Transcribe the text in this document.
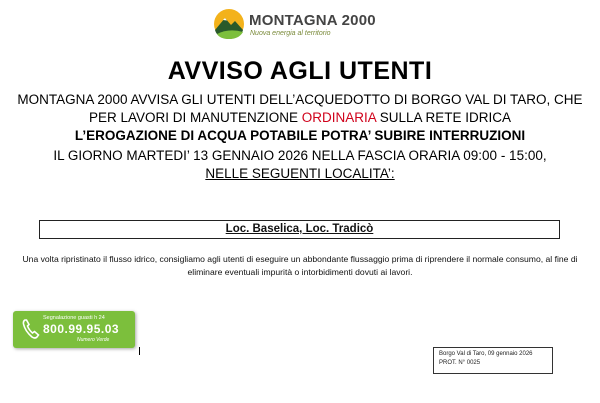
MONTAGNA 2000
Nuova energia al territorio
AVVISO AGLI UTENTI
MONTAGNA 2000 AVVISA GLI UTENTI DELL’ACQUEDOTTO DI BORGO VAL DI TARO, CHE
PER LAVORI DI MANUTENZIONE ORDINARIA SULLA RETE IDRICA
L’EROGAZIONE DI ACQUA POTABILE POTRA’ SUBIRE INTERRUZIONI
IL GIORNO MARTEDI’ 13 GENNAIO 2026 NELLA FASCIA ORARIA 09:00 - 15:00,
NELLE SEGUENTI LOCALITA’:
Loc. Baselica, Loc. Tradicò
Una volta ripristinato il flusso idrico, consigliamo agli utenti di eseguire un abbondante flussaggio prima di riprendere il normale consumo, al fine di eliminare eventuali impurità o intorbidimenti dovuti ai lavori.
Segnalazione guasti h 24
800.99.95.03
Numero Verde
Borgo Val di Taro, 09 gennaio 2026
PROT. N° 0025
